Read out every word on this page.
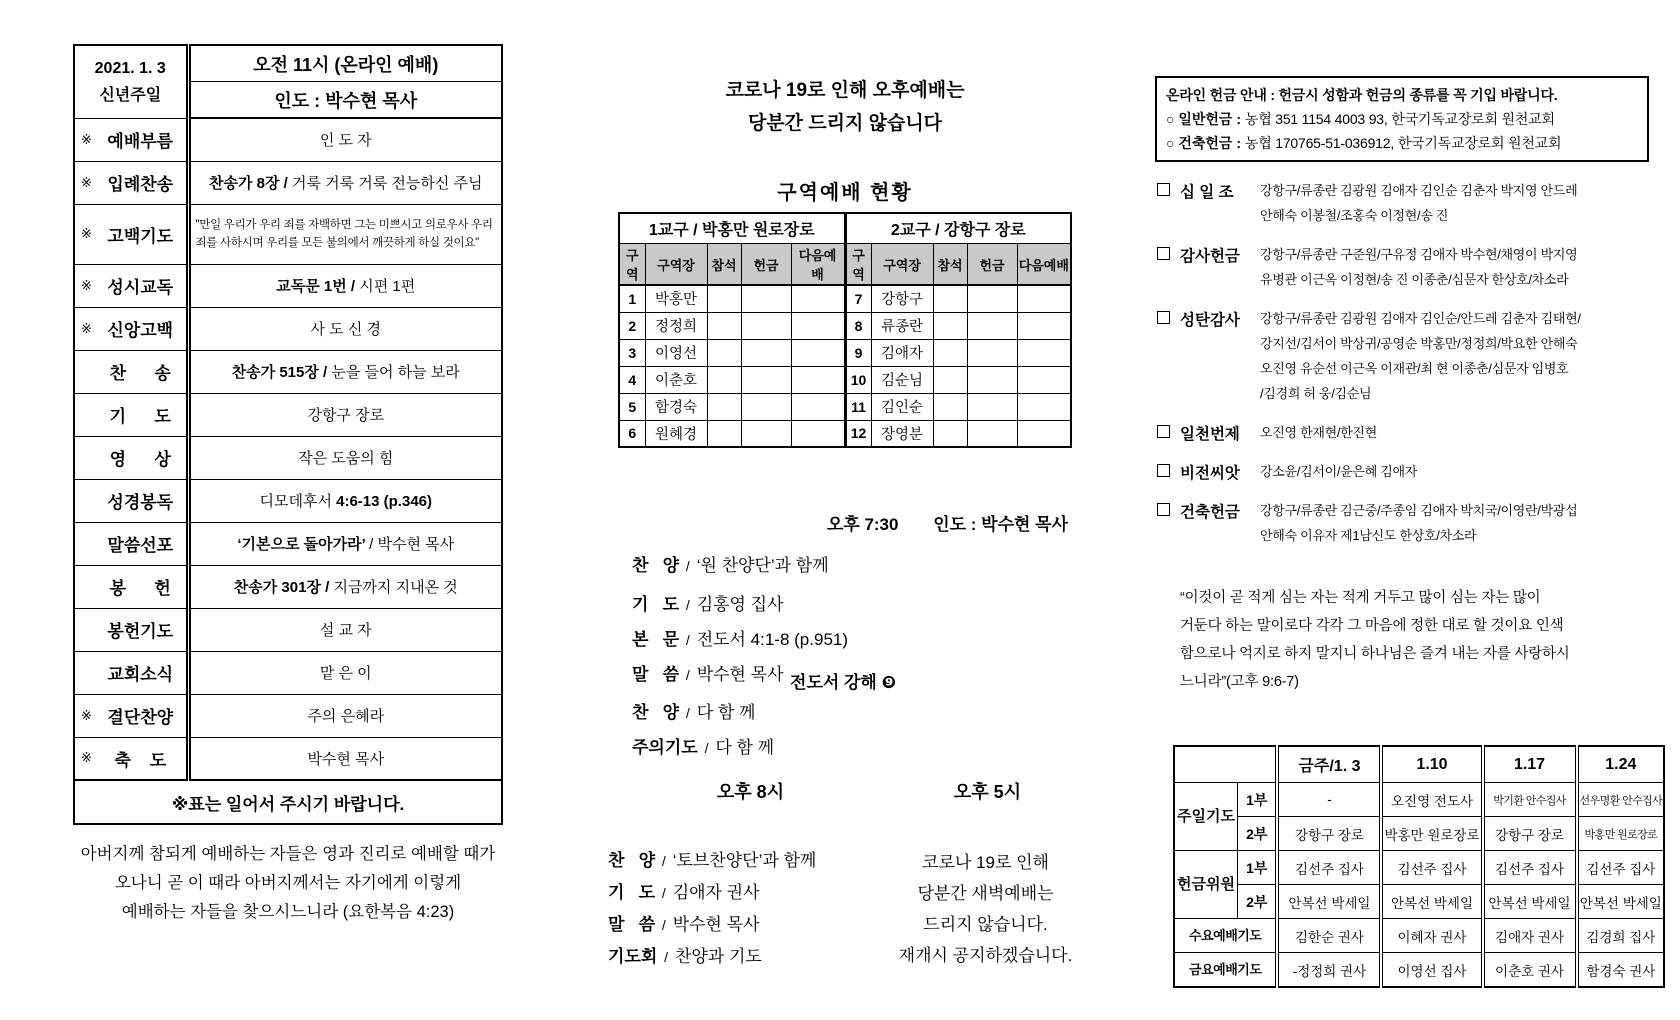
2021. 1. 3
신년주일	오전 11시 (온라인 예배)
	인도 : 박수현 목사

※ 예배부름	인 도 자

※ 입례찬송	찬송가 8장 / 거룩 거룩 거룩 전능하신 주님

※ 고백기도	"만일 우리가 우리 죄를 자백하면 그는 미쁘시고 의로우사 우리
죄를 사하시며 우리를 모든 불의에서 깨끗하게 하실 것이요"

※ 성시교독	교독문 1번 / 시편 1편

※ 신앙고백	사 도 신 경

찬      송	찬송가 515장 / 눈을 들어 하늘 보라

기      도	강항구 장로

영      상	작은 도움의 힘

성경봉독	디모데후서 4:6-13 (p.346)

말씀선포	‘기본으로 돌아가라’ / 박수현 목사

봉      헌	찬송가 301장 / 지금까지 지내온 것

봉헌기도	설 교 자

교회소식	맡 은 이

※ 결단찬양	주의 은혜라

※ 축    도	박수현 목사
※표는 일어서 주시기 바랍니다.	
아버지께 참되게 예배하는 자들은 영과 진리로 예배할 때가
오나니 곧 이 때라 아버지께서는 자기에게 이렇게
예배하는 자들을 찾으시느니라 (요한복음 4:23)
코로나 19로 인해 오후예배는
당분간 드리지 않습니다
구역예배 현황
1교구 / 박홍만 원로장로					2교구 / 강항구 장로				
구역	구역장	참석	헌금	다음예배	구역	구역장	참석	헌금	다음예배
1	박홍만				7	강항구			
2	정정희				8	류종란			
3	이영선				9	김애자			
4	이춘호				10	김순님			
5	함경숙				11	김인순			
6	원혜경				12	장영분			
오후 7:30 인도 : 박수현 목사
찬   양 / ‘원 찬양단’과 함께
기   도 / 김홍영 집사
본   문 / 전도서 4:1-8 (p.951)
말   씀 / 박수현 목사 전도서 강해 ❾
찬   양 / 다 함 께
주의기도 / 다 함 께
오후 8시	오후 5시
찬   양 / ‘토브찬양단’과 함께
기   도 / 김애자 권사
말   씀 / 박수현 목사
기도회 / 찬양과 기도
코로나 19로 인해
당분간 새벽예배는
드리지 않습니다.
재개시 공지하겠습니다.
온라인 헌금 안내 : 헌금시 성함과 헌금의 종류를 꼭 기입 바랍니다.
○ 일반헌금 : 농협 351 1154 4003 93, 한국기독교장로회 원천교회
○ 건축헌금 : 농협 170765-51-036912, 한국기독교장로회 원천교회
십 일 조	강항구/류종란 김광원 김애자 김인순 김춘자 박지영 안드레
안해숙 이봉철/조홍숙 이정현/송 진
감사헌금	강항구/류종란 구준원/구유정 김애자 박수현/채영이 박지영
유병관 이근옥 이정현/송 진 이종춘/심문자 한상호/차소라
성탄감사	강항구/류종란 김광원 김애자 김인순/안드레 김춘자 김태현/
강지선/김서이 박상귀/공영순 박홍만/정정희/박요한 안해숙
오진영 유순선 이근옥 이재관/최 현 이종춘/심문자 임병호
/김경희 허 웅/김순님
일천번제	오진영 한재현/한진현
비전씨앗	강소윤/김서이/윤은혜 김애자
건축헌금	강항구/류종란 김근중/주종임 김애자 박치국/이영란/박광섭
안해숙 이유자 제1남신도 한상호/차소라
“이것이 곧 적게 심는 자는 적게 거두고 많이 심는 자는 많이
거둔다 하는 말이로다 각각 그 마음에 정한 대로 할 것이요 인색
함으로나 억지로 하지 말지니 하나님은 즐겨 내는 자를 사랑하시
느니라”(고후 9:6-7)
		금주/1. 3	1.10	1.17	1.24
주일기도	1부	-	오진영 전도사	박기환 안수집사	선우명환 안수집사
	2부	강항구 장로	박홍만 원로장로	강항구 장로	박홍만 원로장로
헌금위원	1부	김선주 집사	김선주 집사	김선주 집사	김선주 집사
	2부	안복선 박세일	안복선 박세일	안복선 박세일	안복선 박세일
수요예배기도		김한순 권사	이혜자 권사	김애자 권사	김경희 집사
금요예배기도		-정정희 권사	이영선 집사	이춘호 권사	함경숙 권사
